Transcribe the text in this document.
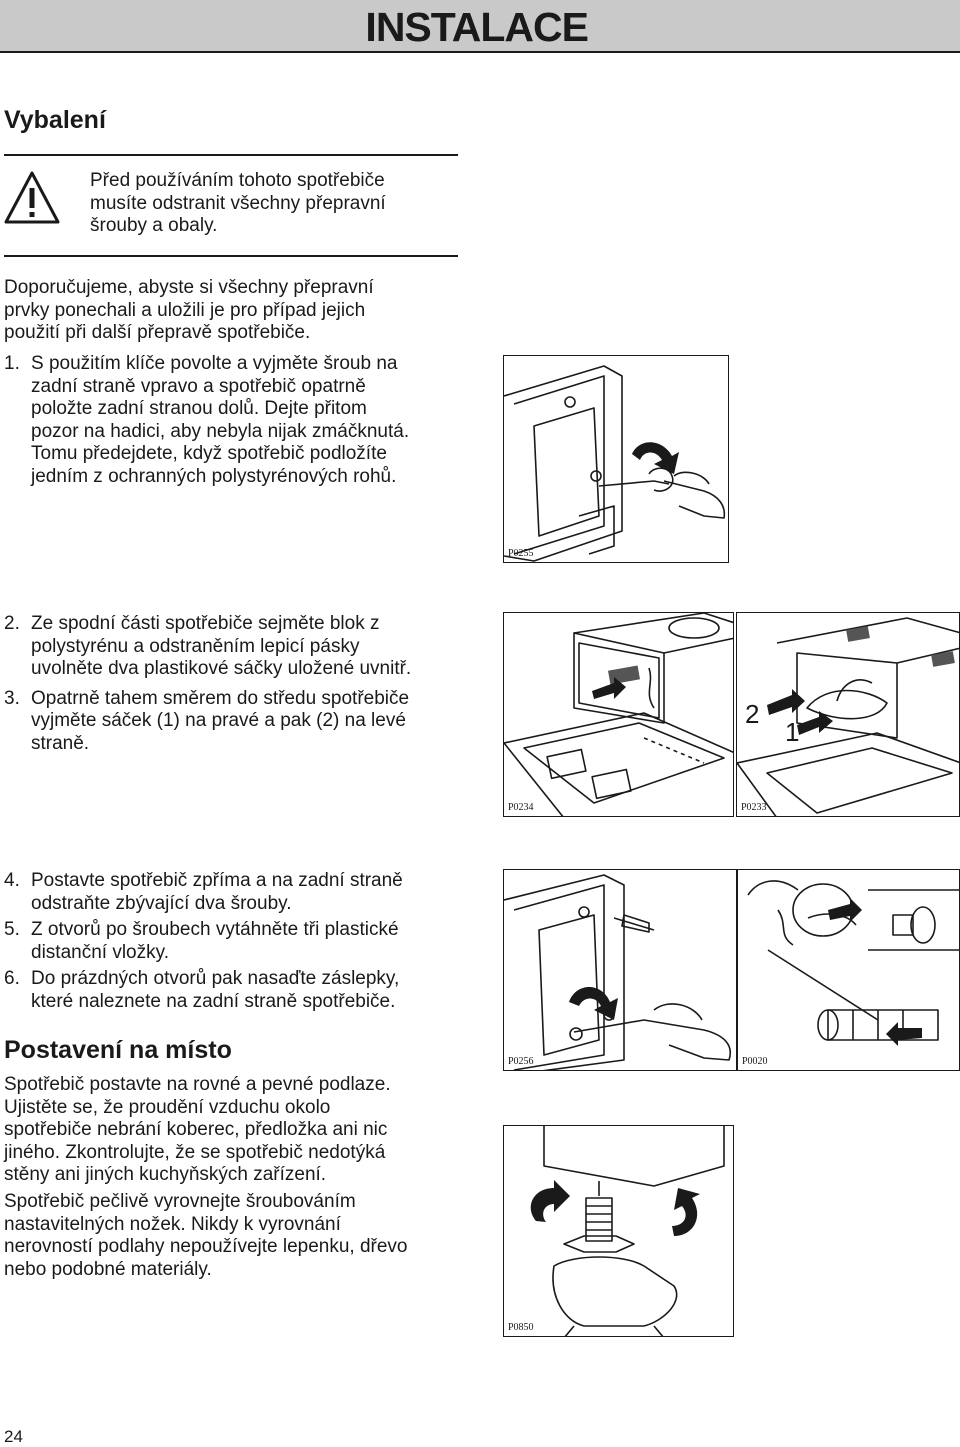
INSTALACE
Vybalení
Před používáním tohoto spotřebiče
musíte odstranit všechny přepravní
šrouby a obaly.
Doporučujeme, abyste si všechny přepravní
prvky ponechali a uložili je pro případ jejich
použití při další přepravě spotřebiče.
1. S použitím klíče povolte a vyjměte šroub na
zadní straně vpravo a spotřebič opatrně
položte zadní stranou dolů. Dejte přitom
pozor na hadici, aby nebyla nijak zmáčknutá.
Tomu předejdete, když spotřebič podložíte
jedním z ochranných polystyrénových rohů.
2. Ze spodní části spotřebiče sejměte blok z
polystyrénu a odstraněním lepicí pásky
uvolněte dva plastikové sáčky uložené uvnitř.
3. Opatrně tahem směrem do středu spotřebiče
vyjměte sáček (1) na pravé a pak (2) na levé
straně.
4. Postavte spotřebič zpříma a na zadní straně
odstraňte zbývající dva šrouby.
5. Z otvorů po šroubech vytáhněte tři plastické
distanční vložky.
6. Do prázdných otvorů pak nasaďte záslepky,
které naleznete na zadní straně spotřebiče.
Postavení na místo
Spotřebič postavte na rovné a pevné podlaze.
Ujistěte se, že proudění vzduchu okolo
spotřebiče nebrání koberec, předložka ani nic
jiného. Zkontrolujte, že se spotřebič nedotýká
stěny ani jiných kuchyňských zařízení.
Spotřebič pečlivě vyrovnejte šroubováním
nastavitelných nožek. Nikdy k vyrovnání
nerovností podlahy nepoužívejte lepenku, dřevo
nebo podobné materiály.
P0255
P0234
2
1
P0233
P0256	P0020
P0850
24
